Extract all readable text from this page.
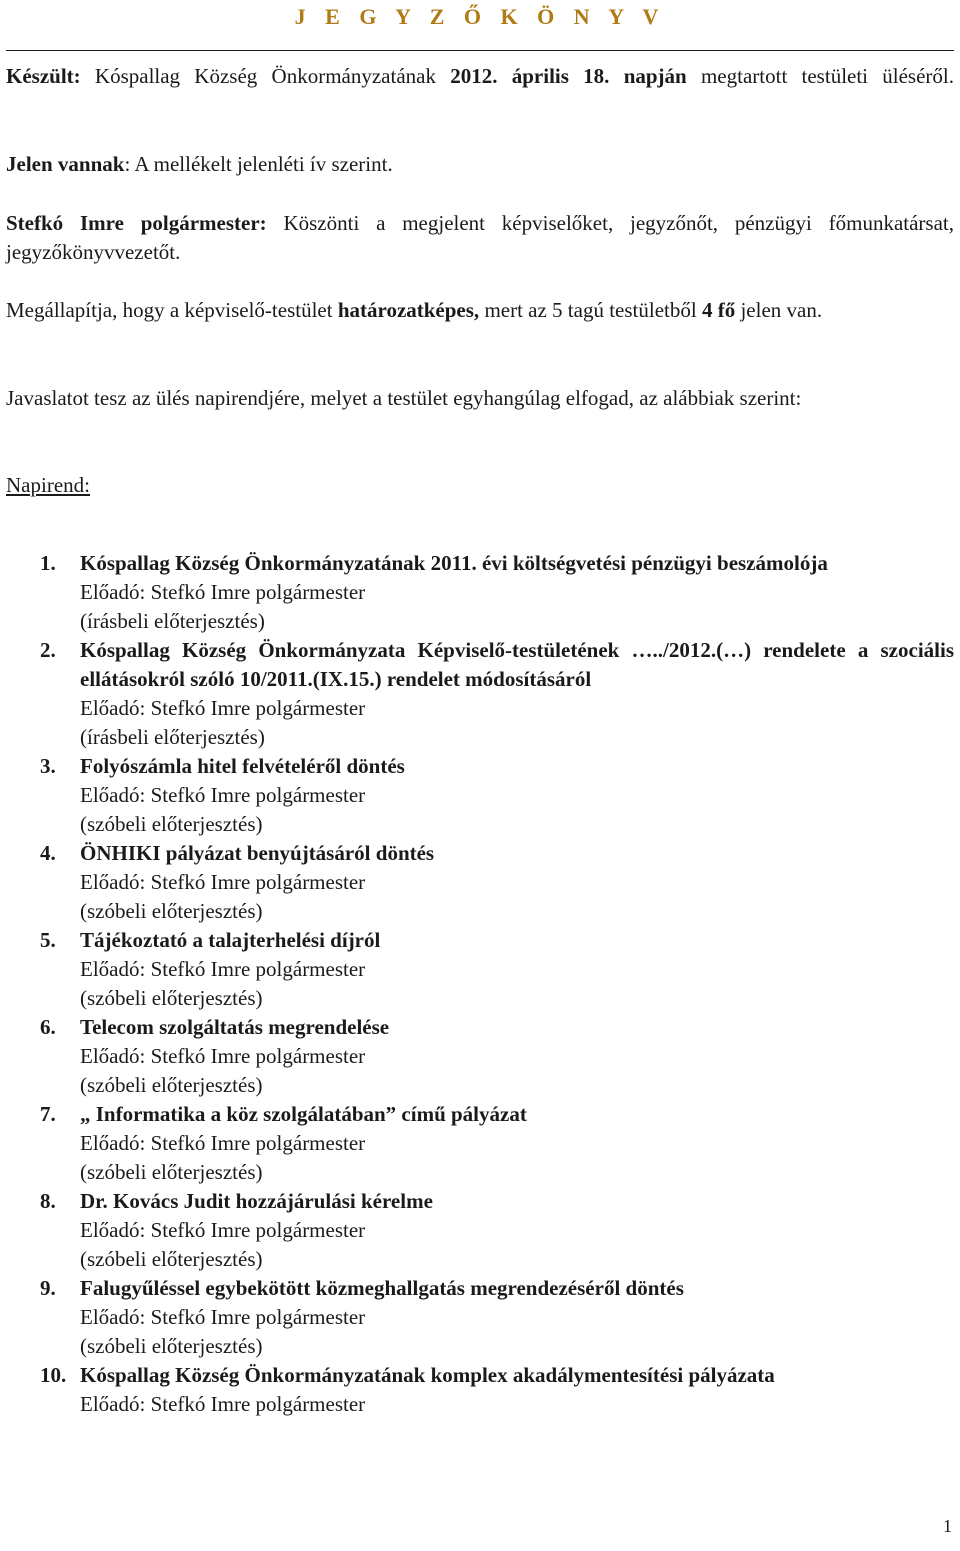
J E G Y Z Ő K Ö N Y V
Készült: Kóspallag Község Önkormányzatának 2012. április 18. napján megtartott testületi üléséről.
Jelen vannak: A mellékelt jelenléti ív szerint.
Stefkó Imre polgármester: Köszönti a megjelent képviselőket, jegyzőnőt, pénzügyi főmunkatársat, jegyzőkönyvvezetőt.
Megállapítja, hogy a képviselő-testület határozatképes, mert az 5 tagú testületből 4 fő jelen van.
Javaslatot tesz az ülés napirendjére, melyet a testület egyhangúlag elfogad, az alábbiak szerint:
Napirend:
1.	Kóspallag Község Önkormányzatának 2011. évi költségvetési pénzügyi beszámolója
Előadó: Stefkó Imre polgármester
(írásbeli előterjesztés)
2.	Kóspallag Község Önkormányzata Képviselő-testületének …../2012.(…) rendelete a szociális ellátásokról szóló 10/2011.(IX.15.) rendelet módosításáról
Előadó: Stefkó Imre polgármester
(írásbeli előterjesztés)
3.	Folyószámla hitel felvételéről döntés
Előadó: Stefkó Imre polgármester
(szóbeli előterjesztés)
4.	ÖNHIKI pályázat benyújtásáról döntés
Előadó: Stefkó Imre polgármester
(szóbeli előterjesztés)
5.	Tájékoztató a talajterhelési díjról
Előadó: Stefkó Imre polgármester
(szóbeli előterjesztés)
6.	Telecom szolgáltatás megrendelése
Előadó: Stefkó Imre polgármester
(szóbeli előterjesztés)
7.	„ Informatika a köz szolgálatában” című pályázat
Előadó: Stefkó Imre polgármester
(szóbeli előterjesztés)
8.	Dr. Kovács Judit hozzájárulási kérelme
Előadó: Stefkó Imre polgármester
(szóbeli előterjesztés)
9.	Falugyűléssel egybekötött közmeghallgatás megrendezéséről döntés
Előadó: Stefkó Imre polgármester
(szóbeli előterjesztés)
10. Kóspallag Község Önkormányzatának komplex akadálymentesítési pályázata
Előadó: Stefkó Imre polgármester
1
